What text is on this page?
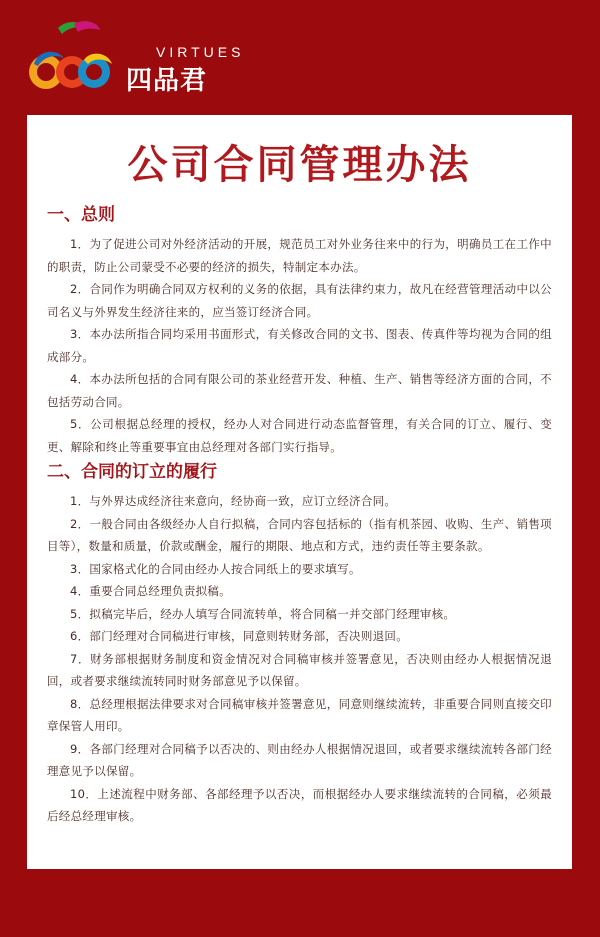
VIRTUES
四品君
公司合同管理办法
一、总则

1．为了促进公司对外经济活动的开展，规范员工对外业务往来中的行为，明确员工在工作中的职责，防止公司蒙受不必要的经济的损失，特制定本办法。

2．合同作为明确合同双方权利的义务的依据，具有法律约束力，故凡在经营管理活动中以公司名义与外界发生经济往来的，应当签订经济合同。

3．本办法所指合同均采用书面形式，有关修改合同的文书、图表、传真件等均视为合同的组成部分。

4．本办法所包括的合同有限公司的茶业经营开发、种植、生产、销售等经济方面的合同，不包括劳动合同。

5．公司根据总经理的授权，经办人对合同进行动态监督管理，有关合同的订立、履行、变更、解除和终止等重要事宜由总经理对各部门实行指导。

二、合同的订立的履行

1．与外界达成经济往来意向，经协商一致，应订立经济合同。

2．一般合同由各级经办人自行拟稿，合同内容包括标的（指有机茶园、收购、生产、销售项目等），数量和质量，价款或酬金，履行的期限、地点和方式，违约责任等主要条款。

3．国家格式化的合同由经办人按合同纸上的要求填写。

4．重要合同总经理负责拟稿。

5．拟稿完毕后，经办人填写合同流转单，将合同稿一并交部门经理审核。

6．部门经理对合同稿进行审核，同意则转财务部，否决则退回。

7．财务部根据财务制度和资金情况对合同稿审核并签署意见，否决则由经办人根据情况退回，或者要求继续流转同时财务部意见予以保留。

8．总经理根据法律要求对合同稿审核并签署意见，同意则继续流转，非重要合同则直接交印章保管人用印。

9．各部门经理对合同稿予以否决的、则由经办人根据情况退回，或者要求继续流转各部门经理意见予以保留。

10．上述流程中财务部、各部经理予以否决，而根据经办人要求继续流转的合同稿，必须最后经总经理审核。
